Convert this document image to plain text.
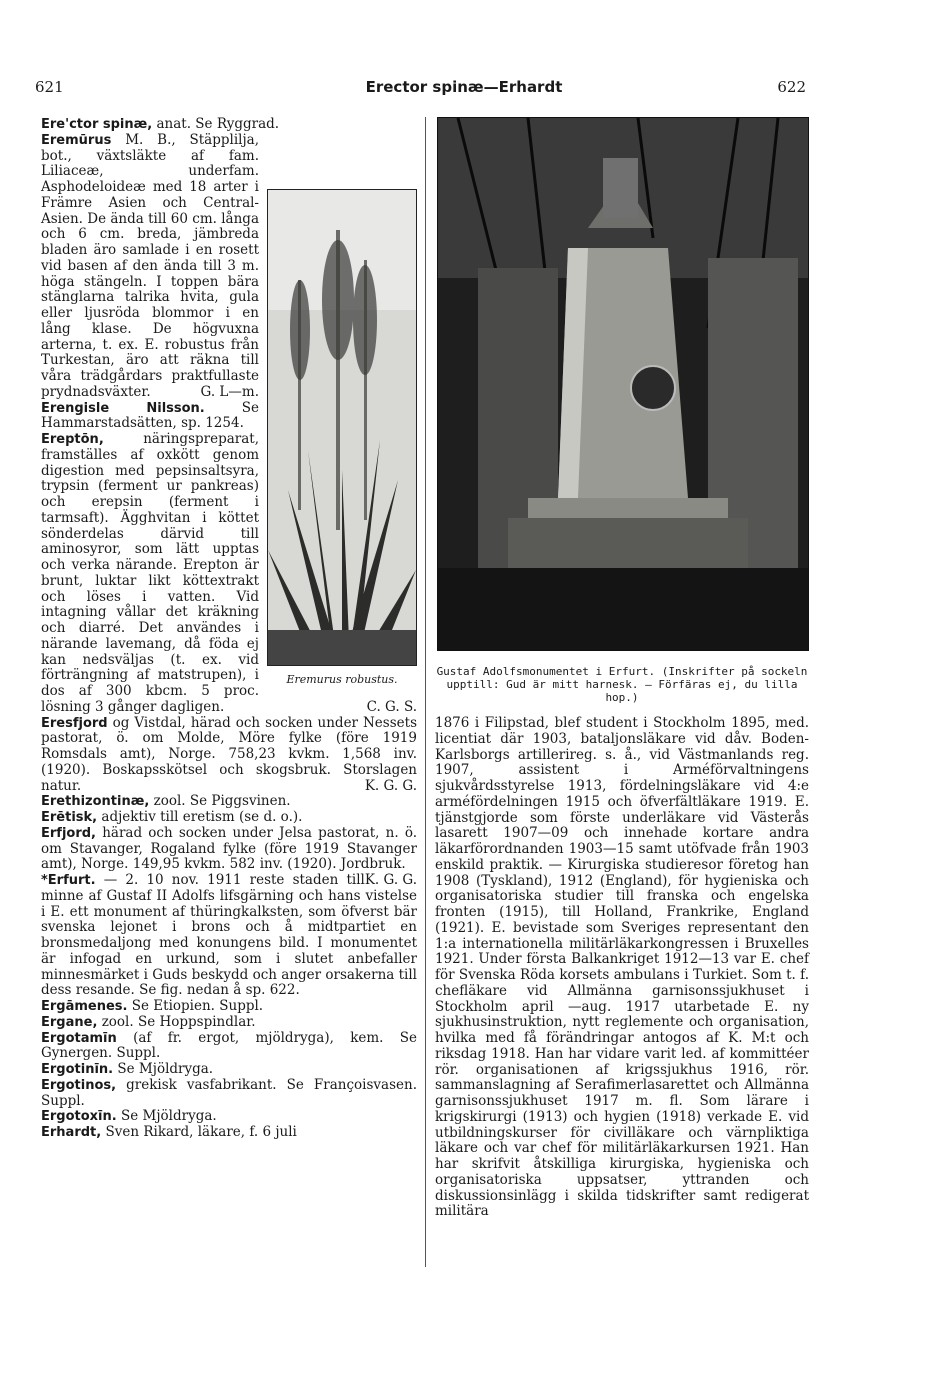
621	Erector spinæ—Erhardt	622

Ere'ctor spinæ, anat. Se Ryggrad.

Eremurus robustus.

Eremūrus M. B., Stäpplilja, bot., växtsläkte af fam. Liliaceæ, underfam. Asphodeloideæ med 18 arter i Främre Asien och Central-Asien. De ända till 60 cm. långa och 6 cm. breda, jämbreda bladen äro samlade i en rosett vid basen af den ända till 3 m. höga stängeln. I toppen bära stänglarna talrika hvita, gula eller ljusröda blommor i en lång klase. De högvuxna arterna, t. ex. E. robustus från Turkestan, äro att räkna till våra trädgårdars praktfullaste prydnadsväxter.	G. L—m.

Erengisle Nilsson.	Se Hammarstadsätten, sp. 1254.

Ereptōn,	näringspreparat, framställes af oxkött genom digestion med pepsinsaltsyra, trypsin (ferment ur pankreas) och erepsin (ferment i tarmsaft). Ägghvitan i köttet sönderdelas därvid till aminosyror, som lätt upptas och verka närande. Erepton är brunt, luktar likt köttextrakt och löses i vatten. Vid intagning vållar det kräkning och diarré. Det användes i närande lavemang, då föda ej kan nedsväljas (t. ex. vid förträngning af matstrupen), i dos af 300 kbcm. 5 proc. lösning 3 gånger dagligen.	C. G. S.

Eresfjord og Vistdal, härad och socken under Nessets pastorat, ö. om Molde, Möre fylke (före 1919 Romsdals amt), Norge. 758,23 kvkm. 1,568 inv. (1920). Boskapsskötsel och skogsbruk. Storslagen natur.	K. G. G.

Erethizontinæ, zool. Se Piggsvinen.

Erētisk, adjektiv till eretism (se d. o.).

Erfjord, härad och socken under Jelsa pastorat, n. ö. om Stavanger, Rogaland fylke (före 1919 Stavanger amt), Norge. 149,95 kvkm. 582 inv. (1920). Jordbruk.
K. G. G.

*Erfurt. — 2. 10 nov. 1911 reste staden till minne af Gustaf II Adolfs lifsgärning och hans vistelse i E. ett monument af thüringkalksten, som öfverst bär svenska lejonet i brons och å midtpartiet en bronsmedaljong med konungens bild. I monumentet är infogad en urkund, som i slutet anbefaller minnesmärket i Guds beskydd och anger orsakerna till dess resande. Se fig. nedan å sp. 622.

Ergāmenes. Se Etiopien. Suppl.

Ergane, zool. Se Hoppspindlar.

Ergotamīn (af fr. ergot, mjöldryga), kem. Se Gynergen. Suppl.

Ergotinīn. Se Mjöldryga.

Ergotinos, grekisk vasfabrikant. Se Françoisvasen. Suppl.

Ergotoxīn. Se Mjöldryga.

Erhardt, Sven Rikard, läkare, f. 6 juli

Gustaf Adolfsmonumentet i Erfurt. (Inskrifter på sockeln upptill: Gud är mitt harnesk. — Förfäras ej, du lilla hop.)

1876 i Filipstad, blef student i Stockholm 1895, med. licentiat där 1903, bataljonsläkare vid dåv. Boden-Karlsborgs artillerireg. s. å., vid Västmanlands reg. 1907, assistent i Arméförvaltningens sjukvårdsstyrelse 1913, fördelningsläkare vid 4:e arméfördelningen 1915 och öfverfältläkare 1919. E. tjänstgjorde som förste underläkare vid Västerås lasarett 1907—09 och innehade kortare andra läkarförordnanden 1903—15 samt utöfvade från 1903 enskild praktik. — Kirurgiska studieresor företog han 1908 (Tyskland), 1912 (England), för hygieniska och organisatoriska studier till franska och engelska fronten (1915), till Holland, Frankrike, England (1921). E. bevistade som Sveriges representant den 1:a internationella militärläkarkongressen i Bruxelles 1921. Under första Balkankriget 1912—13 var E. chef för Svenska Röda korsets ambulans i Turkiet. Som t. f. chefläkare vid Allmänna garnisonssjukhuset i Stockholm april —aug. 1917 utarbetade E. ny sjukhusinstruktion, nytt reglemente och organisation, hvilka med få förändringar antogos af K. M:t och riksdag 1918. Han har vidare varit led. af kommittéer rör. organisationen af krigssjukhus 1916, rör. sammanslagning af Serafimerlasarettet och Allmänna garnisonssjukhuset 1917 m. fl. Som lärare i krigskirurgi (1913) och hygien (1918) verkade E. vid utbildningskurser för civilläkare och värnpliktiga läkare och var chef för militärläkarkursen 1921. Han har skrifvit åtskilliga kirurgiska, hygieniska och organisatoriska uppsatser, yttranden och diskussionsinlägg i skilda tidskrifter samt redigerat militära
